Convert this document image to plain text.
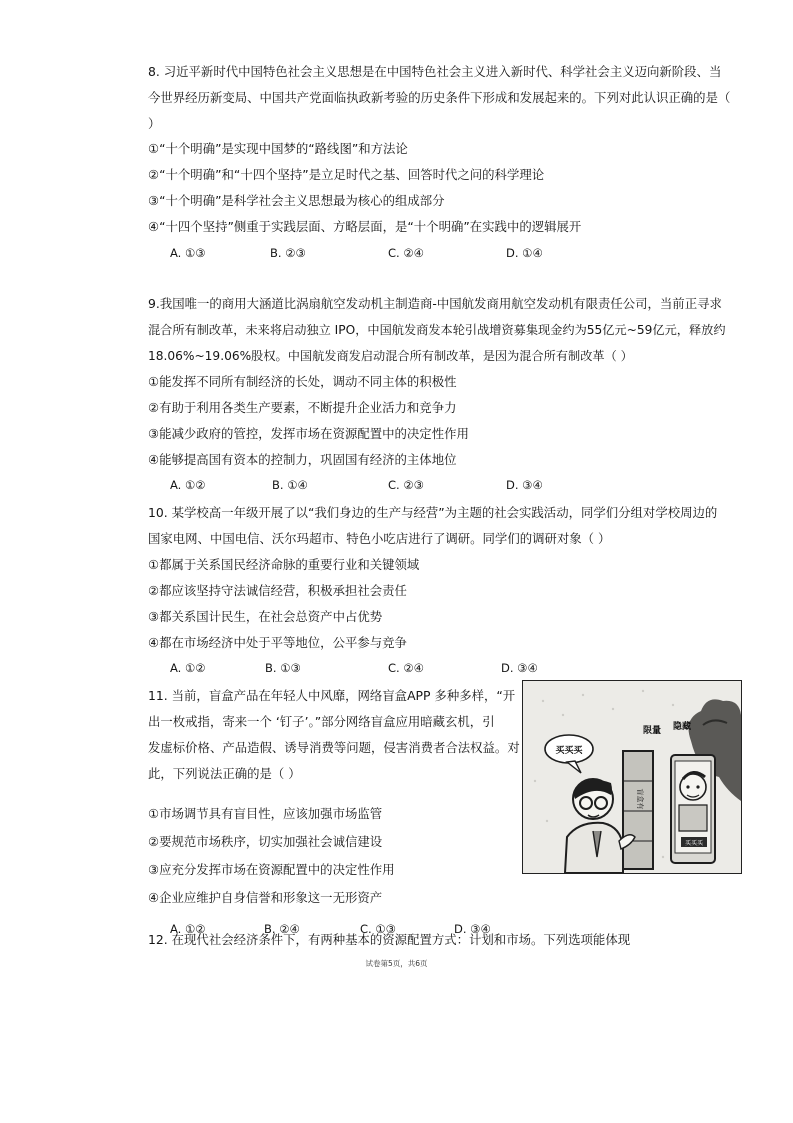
8. 习近平新时代中国特色社会主义思想是在中国特色社会主义进入新时代、科学社会主义迈向新阶段、当
今世界经历新变局、中国共产党面临执政新考验的历史条件下形成和发展起来的。下列对此认识正确的是（
）
①“十个明确”是实现中国梦的“路线图”和方法论
②“十个明确”和“十四个坚持”是立足时代之基、回答时代之问的科学理论
③“十个明确”是科学社会主义思想最为核心的组成部分
④“十四个坚持”侧重于实践层面、方略层面，是“十个明确”在实践中的逻辑展开
A. ①③	B. ②③	C. ②④	D. ①④
9.我国唯一的商用大涵道比涡扇航空发动机主制造商-中国航发商用航空发动机有限责任公司，当前正寻求
混合所有制改革，未来将启动独立 IPO，中国航发商发本轮引战增资募集现金约为55亿元~59亿元，释放约
18.06%~19.06%股权。中国航发商发启动混合所有制改革，是因为混合所有制改革（ ）
①能发挥不同所有制经济的长处，调动不同主体的积极性
②有助于利用各类生产要素，不断提升企业活力和竞争力
③能减少政府的管控，发挥市场在资源配置中的决定性作用
④能够提高国有资本的控制力，巩固国有经济的主体地位
A. ①②	B. ①④	C. ②③	D. ③④
10. 某学校高一年级开展了以“我们身边的生产与经营”为主题的社会实践活动，同学们分组对学校周边的
国家电网、中国电信、沃尔玛超市、特色小吃店进行了调研。同学们的调研对象（ ）
①都属于关系国民经济命脉的重要行业和关键领域
②都应该坚持守法诚信经营，积极承担社会责任
③都关系国计民生，在社会总资产中占优势
④都在市场经济中处于平等地位，公平参与竞争
A. ①②	B. ①③	C. ②④	D. ③④
11. 当前，盲盒产品在年轻人中风靡，网络盲盒APP 多种多样，“开
出一枚戒指，寄来一个 ‘钉子’。”部分网络盲盒应用暗藏玄机，引
发虚标价格、产品造假、诱导消费等问题，侵害消费者合法权益。对
此，下列说法正确的是（ ）
①市场调节具有盲目性，应该加强市场监管
②要规范市场秩序，切实加强社会诚信建设
③应充分发挥市场在资源配置中的决定性作用
④企业应维护自身信誉和形象这一无形资产
A. ①②	B. ②④	C. ①③	D. ③④
买买买
限量 隐藏
盲盒有
买买买
12. 在现代社会经济条件下，有两种基本的资源配置方式：计划和市场。下列选项能体现
试卷第5页，共6页
